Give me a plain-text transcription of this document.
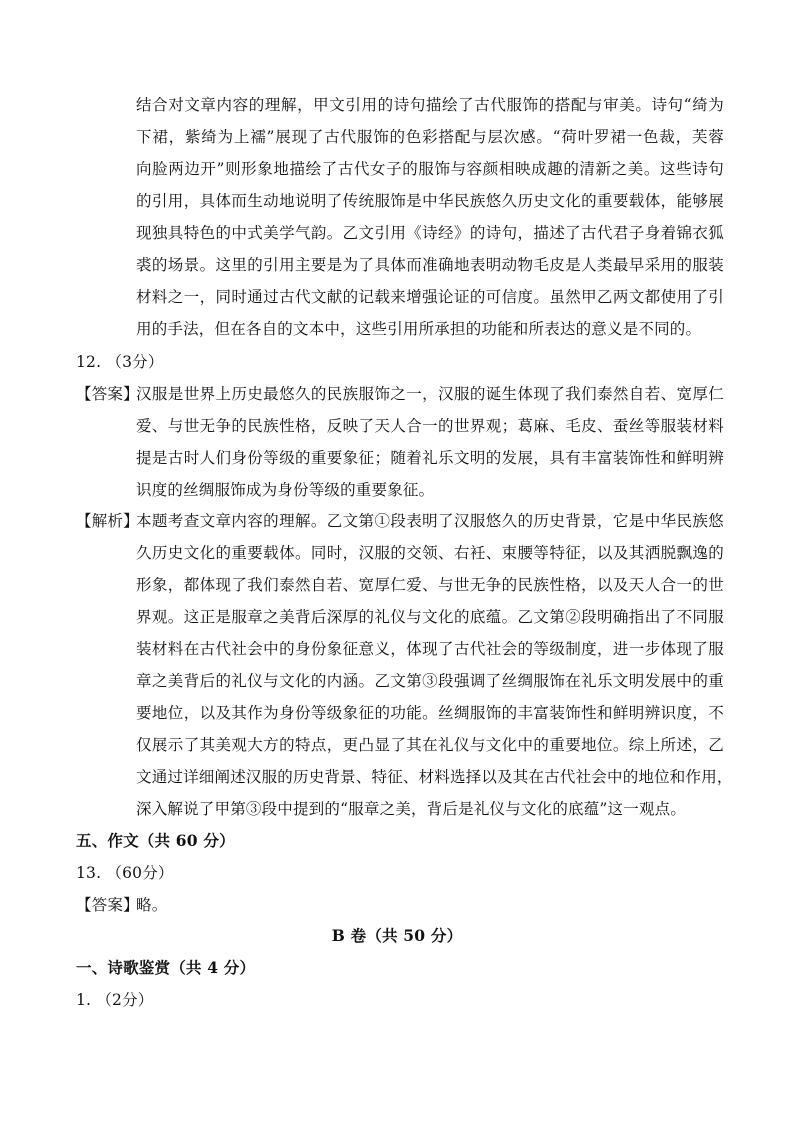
结合对文章内容的理解，甲文引用的诗句描绘了古代服饰的搭配与审美。诗句“绮为
下裙，紫绮为上襦”展现了古代服饰的色彩搭配与层次感。“荷叶罗裙一色裁，芙蓉
向脸两边开”则形象地描绘了古代女子的服饰与容颜相映成趣的清新之美。这些诗句
的引用，具体而生动地说明了传统服饰是中华民族悠久历史文化的重要载体，能够展
现独具特色的中式美学气韵。乙文引用《诗经》的诗句，描述了古代君子身着锦衣狐
裘的场景。这里的引用主要是为了具体而准确地表明动物毛皮是人类最早采用的服装
材料之一，同时通过古代文献的记载来增强论证的可信度。虽然甲乙两文都使用了引
用的手法，但在各自的文本中，这些引用所承担的功能和所表达的意义是不同的。
12. （3分）
【答案】
汉服是世界上历史最悠久的民族服饰之一，汉服的诞生体现了我们泰然自若、宽厚仁
爱、与世无争的民族性格，反映了天人合一的世界观；葛麻、毛皮、蚕丝等服装材料
提是古时人们身份等级的重要象征；随着礼乐文明的发展，具有丰富装饰性和鲜明辨
识度的丝绸服饰成为身份等级的重要象征。
【解析】
本题考查文章内容的理解。乙文第①段表明了汉服悠久的历史背景，它是中华民族悠
久历史文化的重要载体。同时，汉服的交领、右衽、束腰等特征，以及其洒脱飘逸的
形象，都体现了我们泰然自若、宽厚仁爱、与世无争的民族性格，以及天人合一的世
界观。这正是服章之美背后深厚的礼仪与文化的底蕴。乙文第②段明确指出了不同服
装材料在古代社会中的身份象征意义，体现了古代社会的等级制度，进一步体现了服
章之美背后的礼仪与文化的内涵。乙文第③段强调了丝绸服饰在礼乐文明发展中的重
要地位，以及其作为身份等级象征的功能。丝绸服饰的丰富装饰性和鲜明辨识度，不
仅展示了其美观大方的特点，更凸显了其在礼仪与文化中的重要地位。综上所述，乙
文通过详细阐述汉服的历史背景、特征、材料选择以及其在古代社会中的地位和作用，
深入解说了甲第③段中提到的“服章之美，背后是礼仪与文化的底蕴”这一观点。
五、作文（共 60 分）
13. （60分）
【答案】
略。
B 卷（共 50 分）
一、诗歌鉴赏（共 4 分）
1. （2分）
